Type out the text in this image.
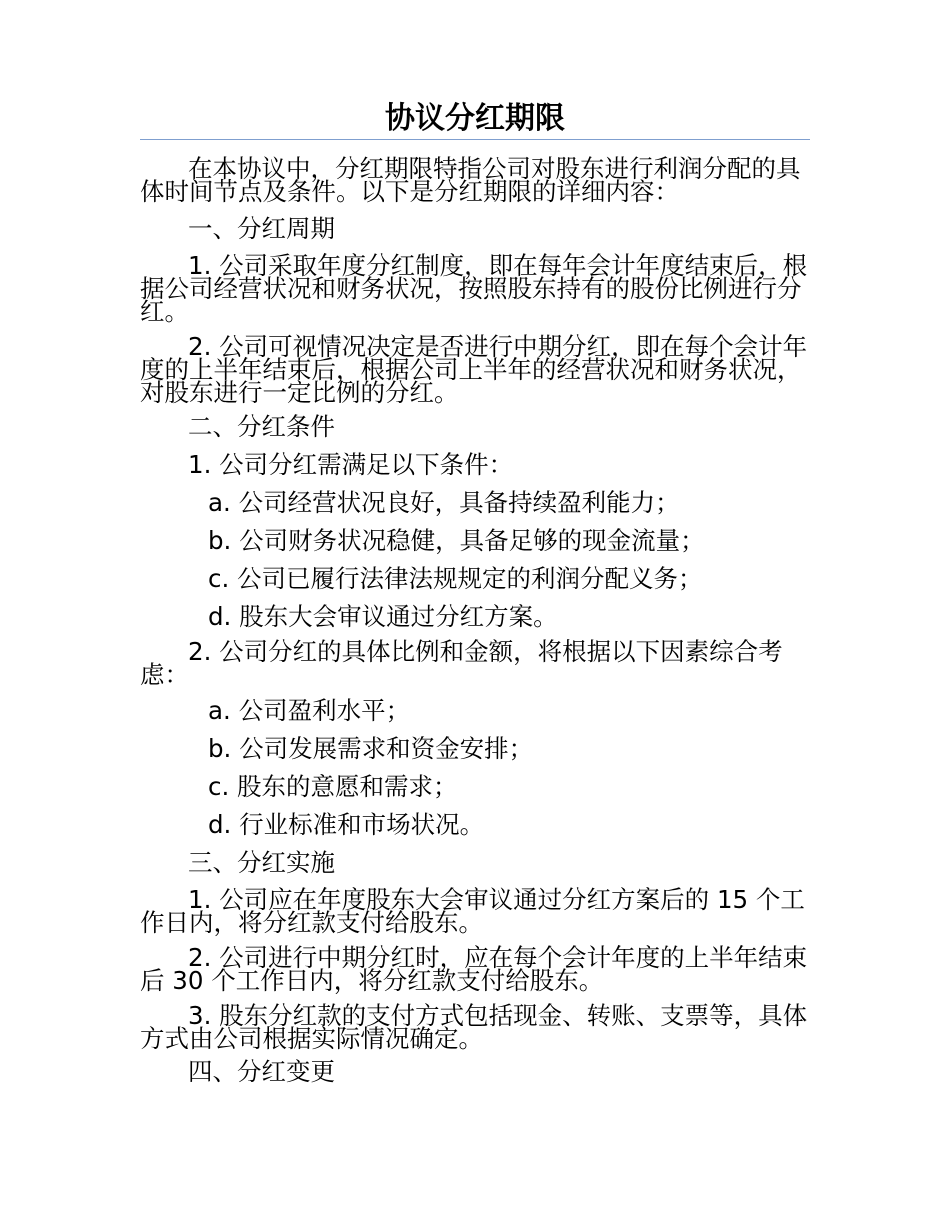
协议分红期限

在本协议中，分红期限特指公司对股东进行利润分配的具体时间节点及条件。以下是分红期限的详细内容：

一、分红周期

1. 公司采取年度分红制度，即在每年会计年度结束后，根据公司经营状况和财务状况，按照股东持有的股份比例进行分红。

2. 公司可视情况决定是否进行中期分红，即在每个会计年度的上半年结束后，根据公司上半年的经营状况和财务状况，对股东进行一定比例的分红。

二、分红条件

1. 公司分红需满足以下条件：

a. 公司经营状况良好，具备持续盈利能力；

b. 公司财务状况稳健，具备足够的现金流量；

c. 公司已履行法律法规规定的利润分配义务；

d. 股东大会审议通过分红方案。

2. 公司分红的具体比例和金额，将根据以下因素综合考虑：

a. 公司盈利水平；

b. 公司发展需求和资金安排；

c. 股东的意愿和需求；

d. 行业标准和市场状况。

三、分红实施

1. 公司应在年度股东大会审议通过分红方案后的 15 个工作日内，将分红款支付给股东。

2. 公司进行中期分红时，应在每个会计年度的上半年结束后 30 个工作日内，将分红款支付给股东。

3. 股东分红款的支付方式包括现金、转账、支票等，具体方式由公司根据实际情况确定。

四、分红变更
